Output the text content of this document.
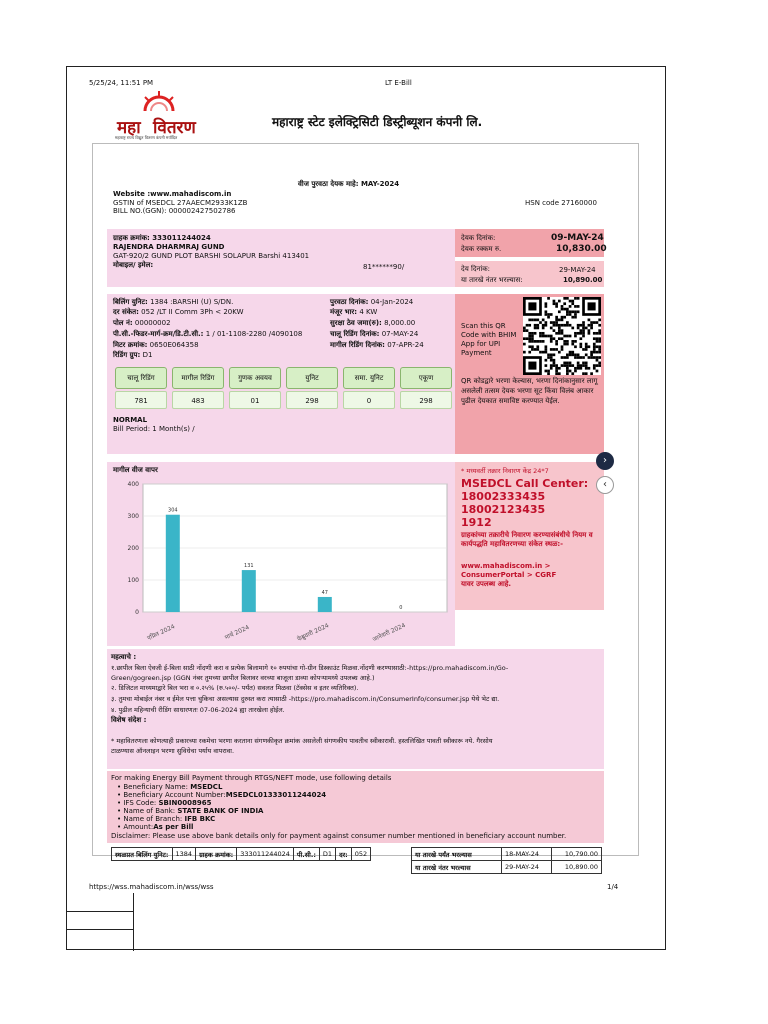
5/25/24, 11:51 PM	LT E-Bill
महा वितरण
महाराष्ट्र राज्य विद्युत वितरण कंपनी मर्यादित
महाराष्ट्र स्टेट इलेक्ट्रिसिटी डिस्ट्रीब्यूशन कंपनी लि.
वीज पुरवठा देयक माहे: MAY-2024
Website :www.mahadiscom.in
GSTIN of MSEDCL 27AAECM2933K1ZB
BILL NO.(GGN): 000002427502786
HSN code 27160000
ग्राहक क्रमांक: 333011244024
RAJENDRA DHARMRAJ GUND
GAT-920/2 GUND PLOT BARSHI SOLAPUR Barshi 413401
मोबाइल/ इमेल:	81******90/
देयक दिनांक:	09-MAY-24
देयक रक्कम रु.	10,830.00
देय दिनांक:	29-MAY-24
या तारखे नंतर भरल्यास:	10,890.00
बिलिंग युनिट: 1384 :BARSHI (U) S/DN.
दर संकेत: 052 /LT II Comm 3Ph < 20KW
पोल नं: 00000002
पी.सी.-फिडर-मार्ग-क्रम/डि.टी.सी.: 1 / 01-1108-2280 /4090108
मिटर क्रमांक: 0650E064358
रिडिंग ग्रुप: D1
पुरवठा दिनांक: 04-Jan-2024
मंजूर भार: 4 KW
सुरक्षा ठेव जमा(रु): 8,000.00
चालू रिडिंग दिनांक: 07-MAY-24
मागील रिडिंग दिनांक: 07-APR-24
चालू रिडिंग	मागील रिडिंग	गुणक अवयव	युनिट	समा. युनिट	एकूण
781	483	01	298	0	298
NORMAL
Bill Period: 1 Month(s) /
Scan this QR Code with BHIM App for UPI Payment
QR कोडद्वारे भरणा केल्यास, भरणा दिनांकानुसार लागू असलेली तत्सम देयक भरणा सूट किंवा विलंब आकार पुढील देयकात समाविष्ट करण्यात येईल.
मागील वीज वापर
400
300
200
100
0
304
एप्रिल 2024
131
मार्च 2024
47
फेब्रुवारी 2024
0
जानेवारी 2024
* मध्यवर्ती तक्रार निवारण केंद्र 24*7
MSEDCL Call Center:
18002333435
18002123435
1912
ग्राहकांच्या तक्रारीचे निवारण करण्यासंबंधीचे नियम व कार्यपद्धति महावितरणच्या संकेत स्थळ:-
www.mahadiscom.in > ConsumerPortal > CGRF
यावर उपलब्ध आहे.
महत्वाचे :
१.छापील बिला ऐवजी ई-बिला साठी नोंदणी करा व प्रत्येक बिलामागे १० रुपयांचा गो-ग्रीन डिस्काउंट मिळवा.नोंदणी करण्यासाठी:-https://pro.mahadiscom.in/Go-
Green/gogreen.jsp (GGN नंबर तुमच्या छापील बिलावर वरच्या बाजूला डाव्या कोपऱ्यामध्ये उपलब्ध आहे.)
२. डिजिटल माध्यमाद्वारे बिल भरा व ०.२५% (रु.५००/- पर्यंत) सवलत मिळवा (टॅक्सेस व इतर व्यतिरिक्त).
३. तुमचा मोबाईल नंबर व ईमेल पत्ता चुकिचा असल्यास दुरुस्त करा त्यासाठी -https://pro.mahadiscom.in/ConsumerInfo/consumer.jsp येथे भेट द्या.
४. पुढील महिन्याची रीडिंग साधारणतः 07-06-2024 ह्या तारखेला होईल.
विशेष संदेश :
* महावितरणला कोणत्याही प्रकारच्या रकमेचा भरणा करताना संगणकीकृत क्रमांक असलेली संगणकीय पावतीच स्वीकारावी. हस्तलिखित पावती स्वीकारू नये. गैरसोय
टाळण्यास ऑनलाइन भरणा सुविधेचा पर्याय वापरावा.
For making Energy Bill Payment through RTGS/NEFT mode, use following details
• Beneficiary Name: MSEDCL
• Beneficiary Account Number:MSEDCL01333011244024
• IFS Code: SBIN0008965
• Name of Bank: STATE BANK OF INDIA
• Name of Branch: IFB BKC
• Amount:As per Bill
Disclaimer: Please use above bank details only for payment against consumer number mentioned in beneficiary account number.
स्थळप्रत बिलिंग युनिट:	1384	ग्राहक क्रमांक:	333011244024	पी.सी.:	D1	दर:	052	या तारखे पर्यंत भरल्यास	18-MAY-24	10,790.00
या तारखे नंतर भरल्यास	29-MAY-24	10,890.00
https://wss.mahadiscom.in/wss/wss	1/4
›
‹
